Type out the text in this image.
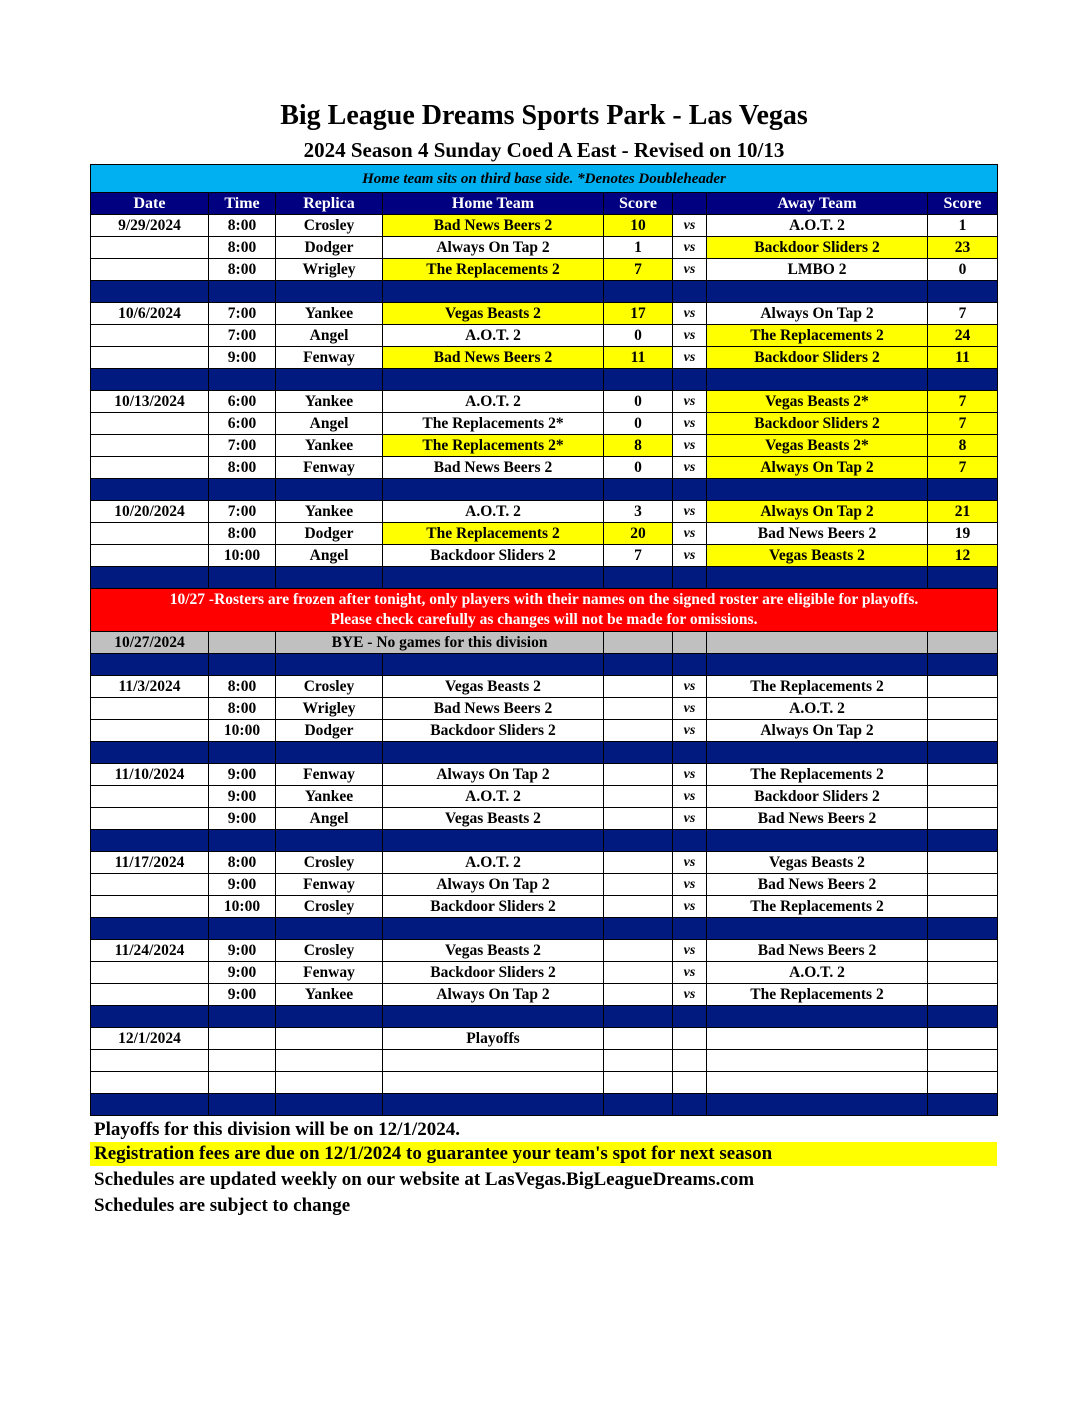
Big League Dreams Sports Park - Las Vegas
2024 Season 4 Sunday Coed A East - Revised on 10/13
Home team sits on third base side. *Denotes Doubleheader							
Date	Time	Replica	Home Team	Score		Away Team	Score
9/29/2024	8:00	Crosley	Bad News Beers 2	10	vs	A.O.T. 2	1
	8:00	Dodger	Always On Tap 2	1	vs	Backdoor Sliders 2	23
	8:00	Wrigley	The Replacements 2	7	vs	LMBO 2	0

10/6/2024	7:00	Yankee	Vegas Beasts 2	17	vs	Always On Tap 2	7
	7:00	Angel	A.O.T. 2	0	vs	The Replacements 2	24
	9:00	Fenway	Bad News Beers 2	11	vs	Backdoor Sliders 2	11

10/13/2024	6:00	Yankee	A.O.T. 2	0	vs	Vegas Beasts 2*	7
	6:00	Angel	The Replacements 2*	0	vs	Backdoor Sliders 2	7
	7:00	Yankee	The Replacements 2*	8	vs	Vegas Beasts 2*	8
	8:00	Fenway	Bad News Beers 2	0	vs	Always On Tap 2	7

10/20/2024	7:00	Yankee	A.O.T. 2	3	vs	Always On Tap 2	21
	8:00	Dodger	The Replacements 2	20	vs	Bad News Beers 2	19
	10:00	Angel	Backdoor Sliders 2	7	vs	Vegas Beasts 2	12

10/27 -Rosters are frozen after tonight, only players with their names on the signed roster are eligible for playoffs.
Please check carefully as changes will not be made for omissions.							

10/27/2024		BYE - No games for this division					

11/3/2024	8:00	Crosley	Vegas Beasts 2		vs	The Replacements 2	
	8:00	Wrigley	Bad News Beers 2		vs	A.O.T. 2	
	10:00	Dodger	Backdoor Sliders 2		vs	Always On Tap 2	

11/10/2024	9:00	Fenway	Always On Tap 2		vs	The Replacements 2	
	9:00	Yankee	A.O.T. 2		vs	Backdoor Sliders 2	
	9:00	Angel	Vegas Beasts 2		vs	Bad News Beers 2	

11/17/2024	8:00	Crosley	A.O.T. 2		vs	Vegas Beasts 2	
	9:00	Fenway	Always On Tap 2		vs	Bad News Beers 2	
	10:00	Crosley	Backdoor Sliders 2		vs	The Replacements 2	

11/24/2024	9:00	Crosley	Vegas Beasts 2		vs	Bad News Beers 2	
	9:00	Fenway	Backdoor Sliders 2		vs	A.O.T. 2	
	9:00	Yankee	Always On Tap 2		vs	The Replacements 2	

12/1/2024			Playoffs				

Playoffs for this division will be on 12/1/2024.
Registration fees are due on 12/1/2024 to guarantee your team's spot for next season
Schedules are updated weekly on our website at LasVegas.BigLeagueDreams.com
Schedules are subject to change
